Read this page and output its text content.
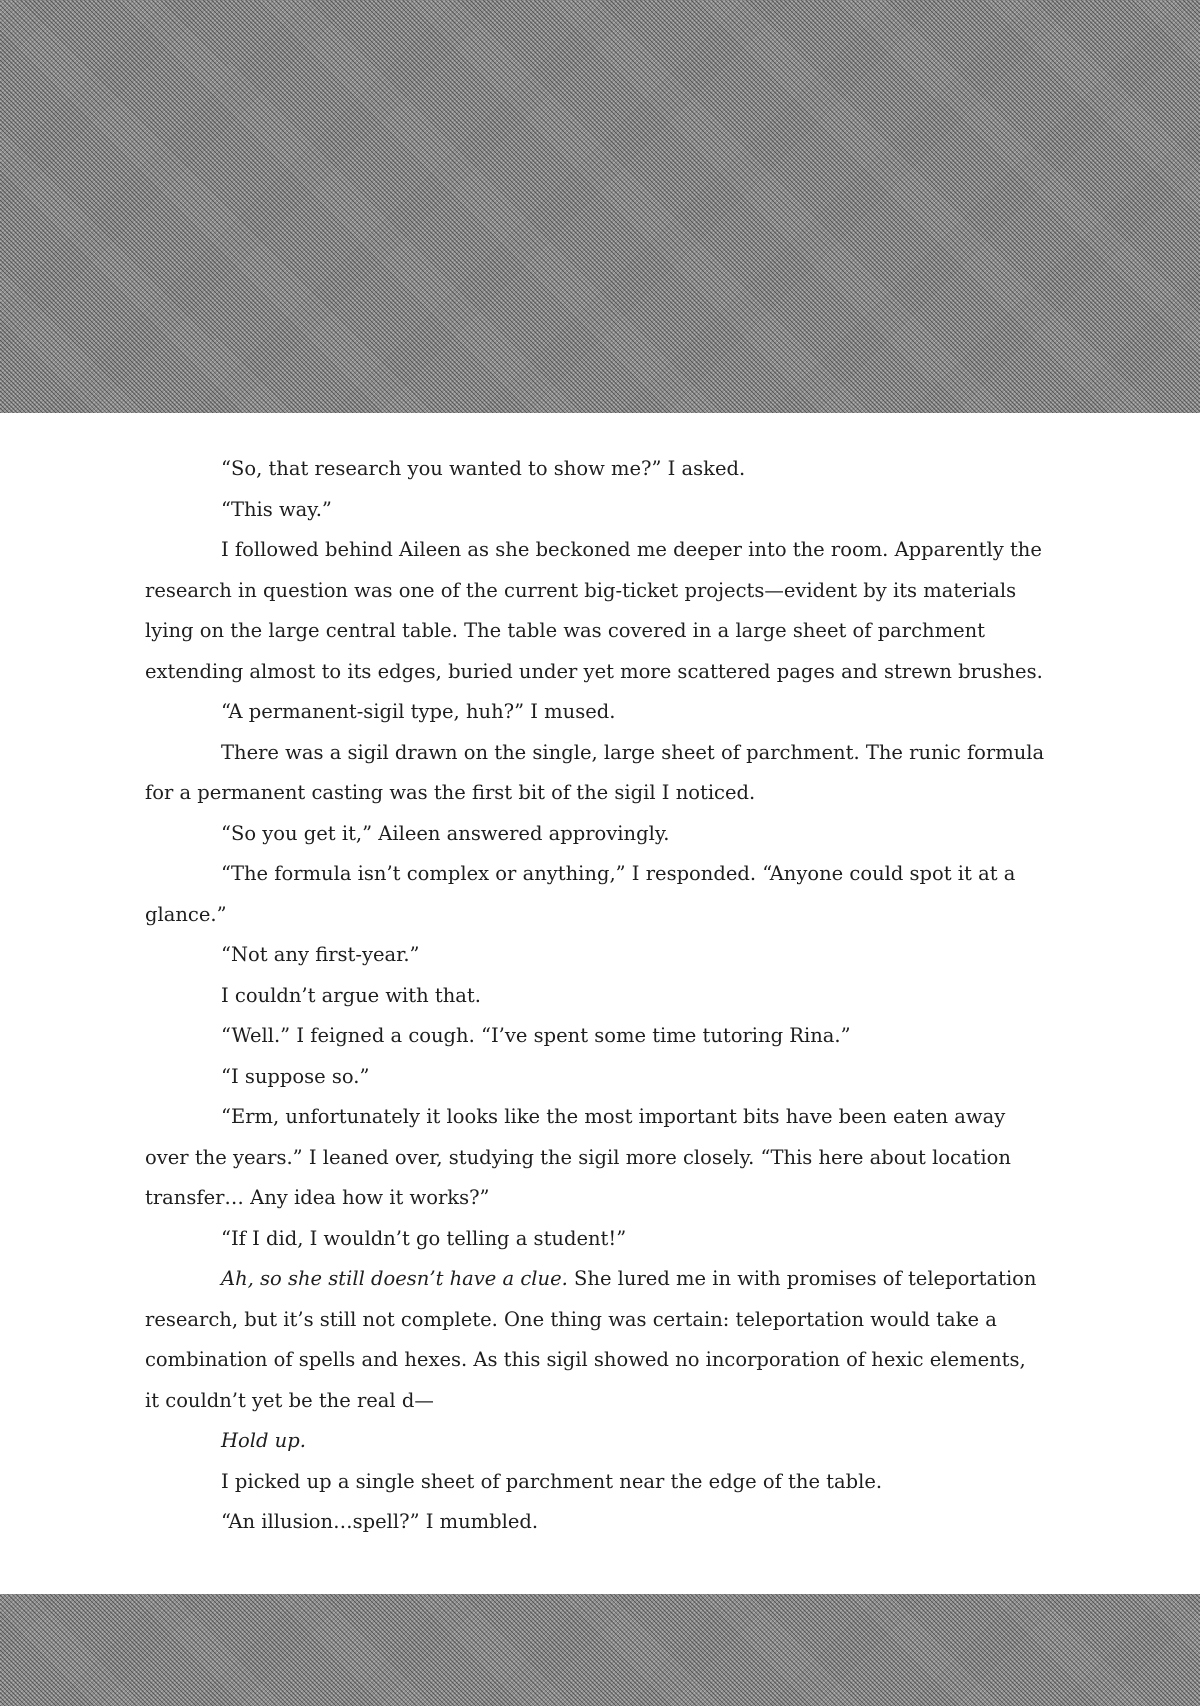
“So, that research you wanted to show me?” I asked.

“This way.”

I followed behind Aileen as she beckoned me deeper into the room. Apparently the research in question was one of the current big-ticket projects—evident by its materials lying on the large central table. The table was covered in a large sheet of parchment extending almost to its edges, buried under yet more scattered pages and strewn brushes.

“A permanent-sigil type, huh?” I mused.

There was a sigil drawn on the single, large sheet of parchment. The runic formula for a permanent casting was the first bit of the sigil I noticed.

“So you get it,” Aileen answered approvingly.

“The formula isn’t complex or anything,” I responded. “Anyone could spot it at a glance.”

“Not any first-year.”

I couldn’t argue with that.

“Well.” I feigned a cough. “I’ve spent some time tutoring Rina.”

“I suppose so.”

“Erm, unfortunately it looks like the most important bits have been eaten away over the years.” I leaned over, studying the sigil more closely. “This here about location transfer… Any idea how it works?”

“If I did, I wouldn’t go telling a student!”

Ah, so she still doesn’t have a clue. She lured me in with promises of teleportation research, but it’s still not complete. One thing was certain: teleportation would take a combination of spells and hexes. As this sigil showed no incorporation of hexic elements, it couldn’t yet be the real d—

Hold up.

I picked up a single sheet of parchment near the edge of the table.

“An illusion…spell?” I mumbled.
